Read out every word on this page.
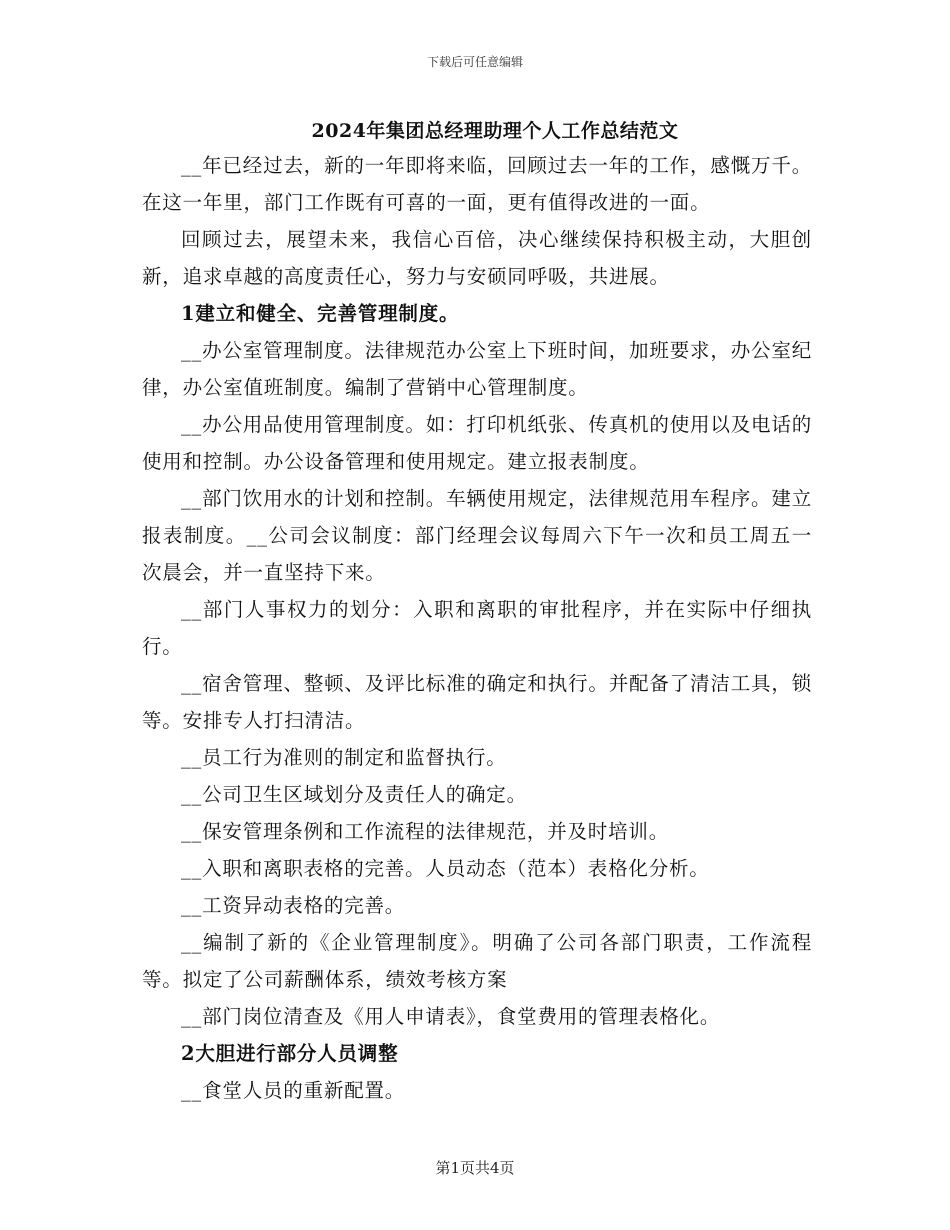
下载后可任意编辑
2024年集团总经理助理个人工作总结范文

__年已经过去，新的一年即将来临，回顾过去一年的工作，感慨万千。在这一年里，部门工作既有可喜的一面，更有值得改进的一面。

回顾过去，展望未来，我信心百倍，决心继续保持积极主动，大胆创新，追求卓越的高度责任心，努力与安硕同呼吸，共进展。

1建立和健全、完善管理制度。

__办公室管理制度。法律规范办公室上下班时间，加班要求，办公室纪律，办公室值班制度。编制了营销中心管理制度。

__办公用品使用管理制度。如：打印机纸张、传真机的使用以及电话的使用和控制。办公设备管理和使用规定。建立报表制度。

__部门饮用水的计划和控制。车辆使用规定，法律规范用车程序。建立报表制度。__公司会议制度：部门经理会议每周六下午一次和员工周五一次晨会，并一直坚持下来。

__部门人事权力的划分：入职和离职的审批程序，并在实际中仔细执行。

__宿舍管理、整顿、及评比标准的确定和执行。并配备了清洁工具，锁等。安排专人打扫清洁。

__员工行为准则的制定和监督执行。

__公司卫生区域划分及责任人的确定。

__保安管理条例和工作流程的法律规范，并及时培训。

__入职和离职表格的完善。人员动态（范本）表格化分析。

__工资异动表格的完善。

__编制了新的《企业管理制度》。明确了公司各部门职责，工作流程等。拟定了公司薪酬体系，绩效考核方案

__部门岗位清查及《用人申请表》，食堂费用的管理表格化。

2大胆进行部分人员调整

__食堂人员的重新配置。

第1页共4页
